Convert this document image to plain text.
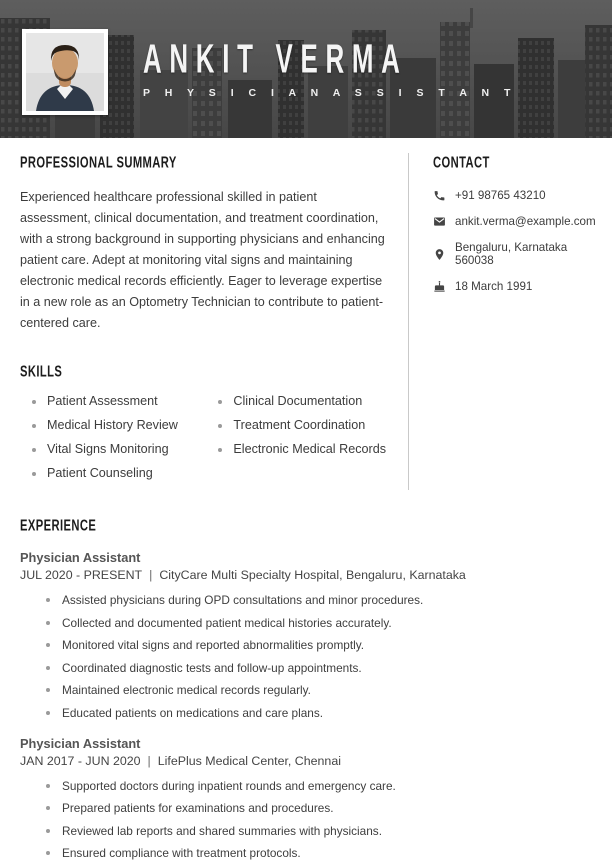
ANKIT VERMA
P H Y S I C I A N A S S I S T A N T
PROFESSIONAL SUMMARY

Experienced healthcare professional skilled in patient assessment, clinical documentation, and treatment coordination, with a strong background in supporting physicians and enhancing patient care. Adept at monitoring vital signs and maintaining electronic medical records efficiently. Eager to leverage expertise in a new role as an Optometry Technician to contribute to patient-centered care.

SKILLS
Patient Assessment
Medical History Review
Vital Signs Monitoring
Patient Counseling
Clinical Documentation
Treatment Coordination
Electronic Medical Records
CONTACT
+91 98765 43210
ankit.verma@example.com
Bengaluru, Karnataka 560038
18 March 1991
EXPERIENCE
Physician Assistant
JUL 2020 - PRESENT | CityCare Multi Specialty Hospital, Bengaluru, Karnataka
Assisted physicians during OPD consultations and minor procedures.
Collected and documented patient medical histories accurately.
Monitored vital signs and reported abnormalities promptly.
Coordinated diagnostic tests and follow-up appointments.
Maintained electronic medical records regularly.
Educated patients on medications and care plans.
Physician Assistant
JAN 2017 - JUN 2020 | LifePlus Medical Center, Chennai
Supported doctors during inpatient rounds and emergency care.
Prepared patients for examinations and procedures.
Reviewed lab reports and shared summaries with physicians.
Ensured compliance with treatment protocols.
